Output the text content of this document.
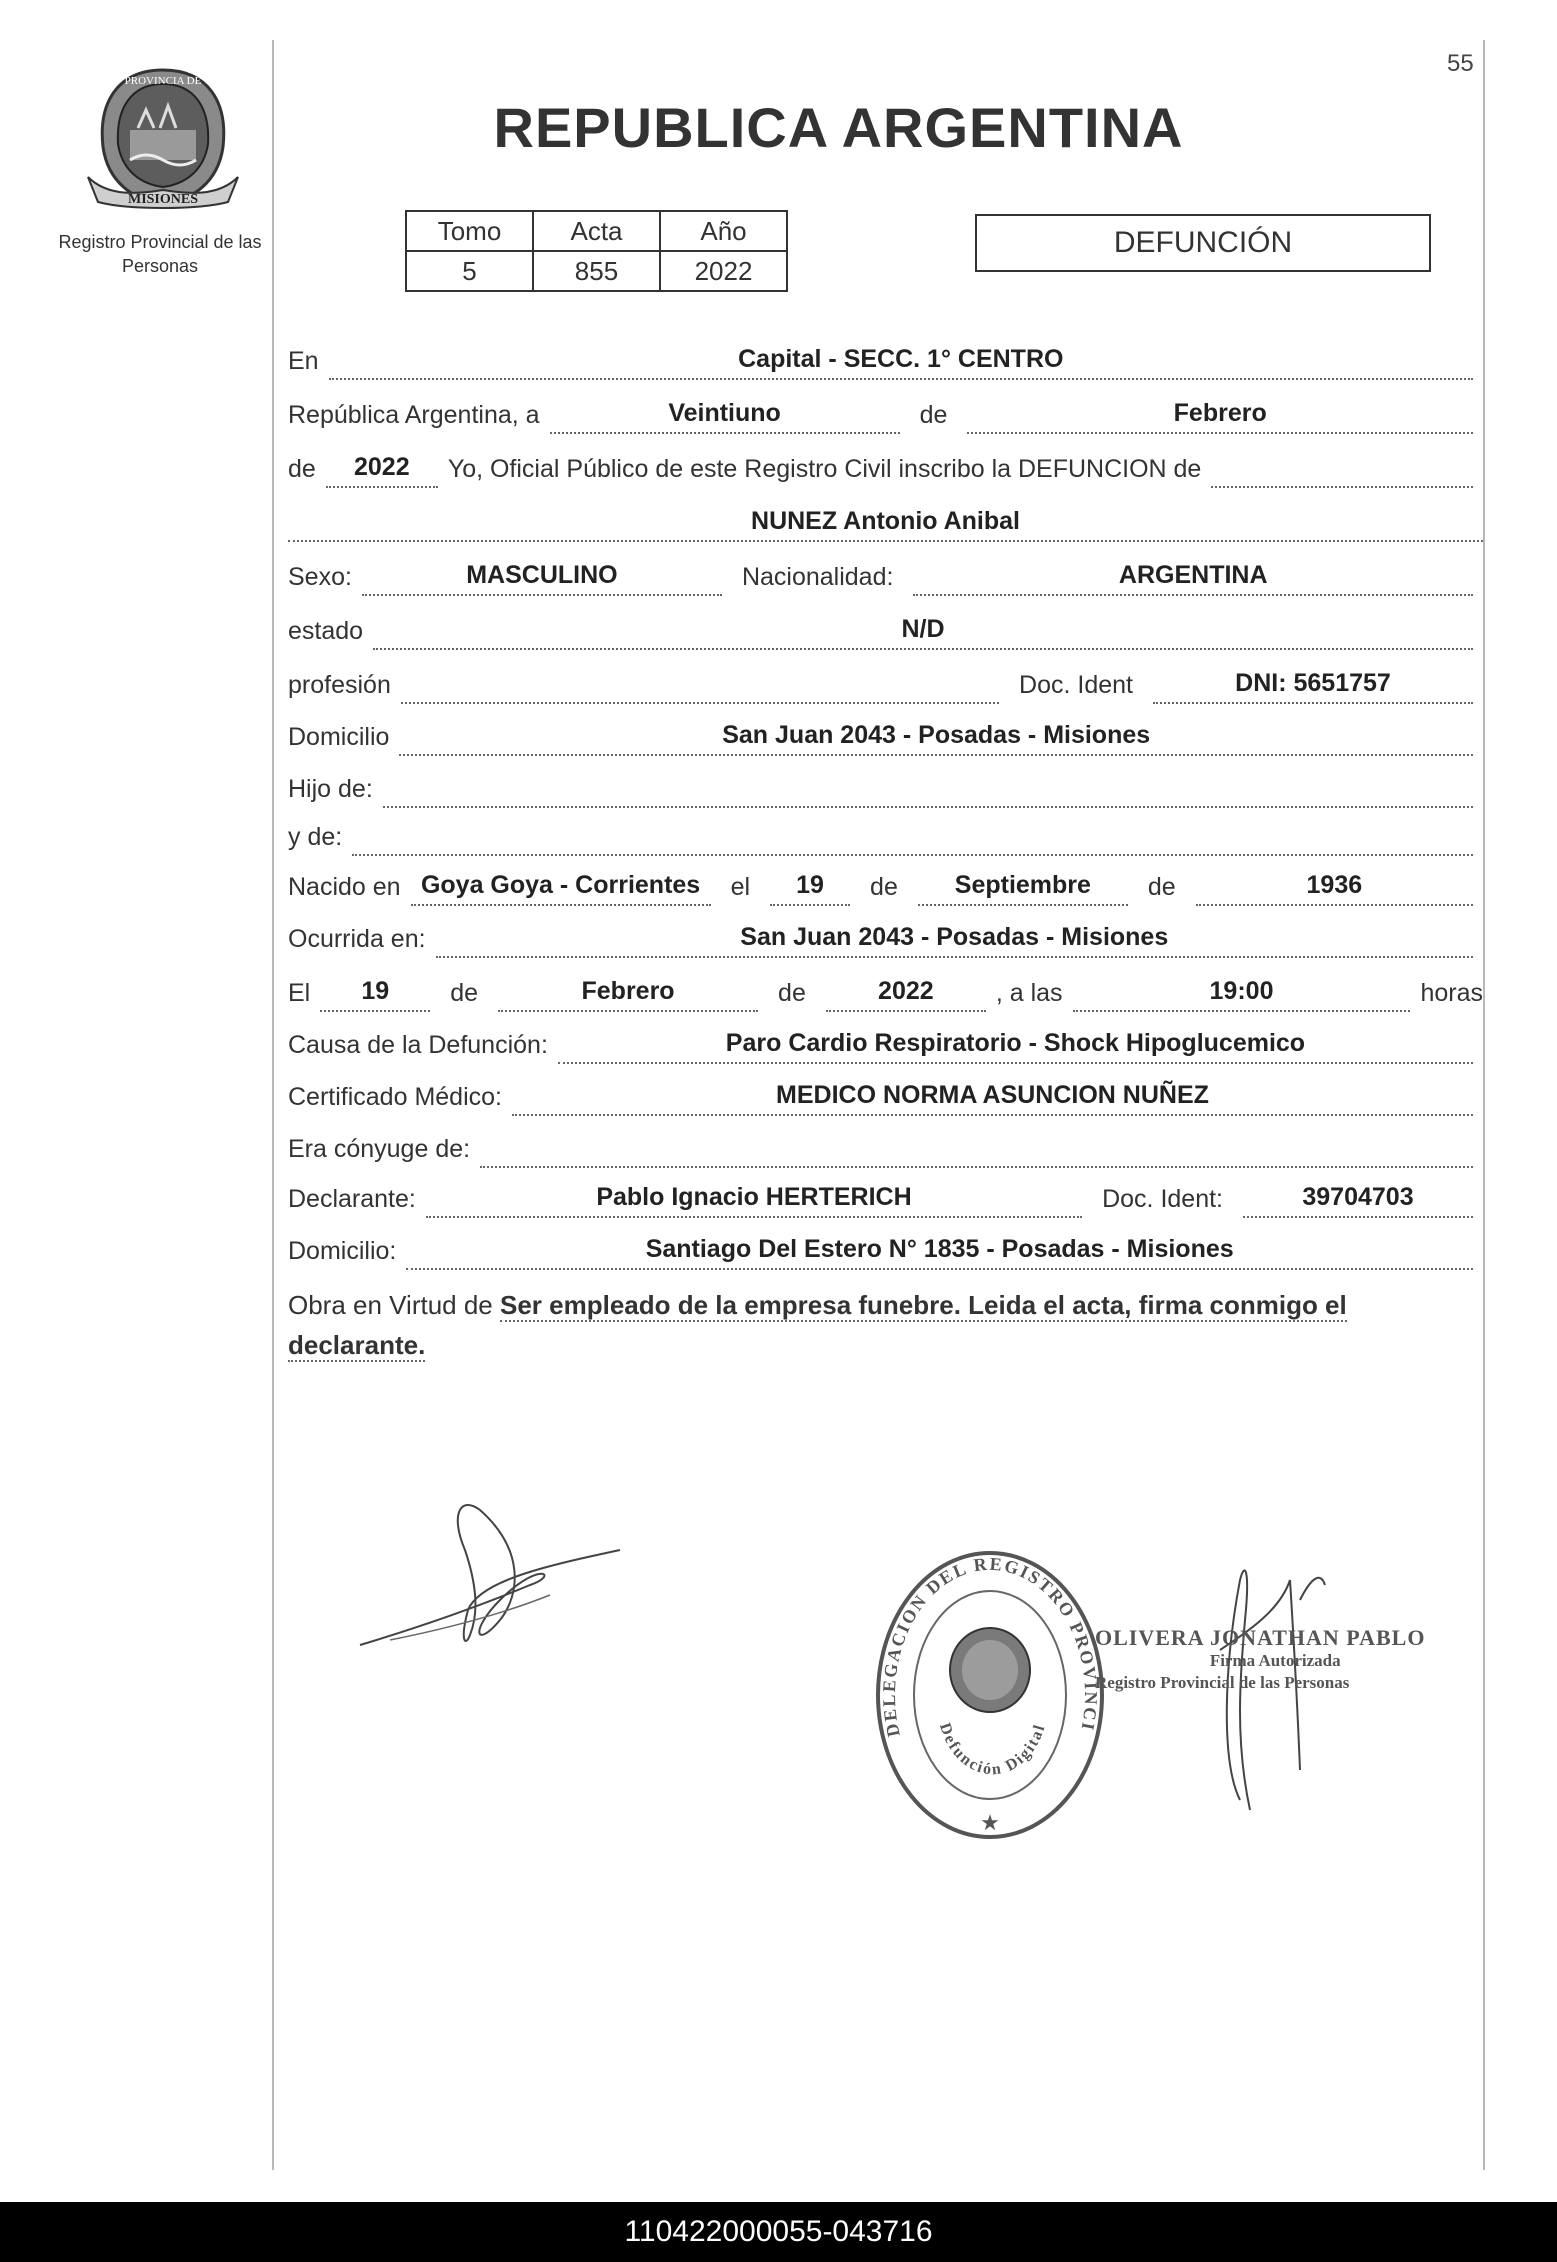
55
PROVINCIA DE
MISIONES
Registro Provincial de las Personas
REPUBLICA ARGENTINA
Tomo	Acta	Año
5	855	2022
DEFUNCIÓN
En	Capital - SECC. 1° CENTRO
República Argentina, a	Veintiuno	de	Febrero
de	2022	Yo, Oficial Público de este Registro Civil inscribo la DEFUNCION de
NUNEZ Antonio Anibal
Sexo:	MASCULINO	Nacionalidad:	ARGENTINA
estado	N/D
profesión	Doc. Ident	DNI: 5651757
Domicilio	San Juan 2043 - Posadas - Misiones
Hijo de:
y de:
Nacido en Goya Goya - Corrientes	el	19	de	Septiembre	de	1936
Ocurrida en:	San Juan 2043 - Posadas - Misiones
El	19	de	Febrero	de	2022	, a las	19:00	horas
Causa de la Defunción:	Paro Cardio Respiratorio - Shock Hipoglucemico
Certificado Médico:	MEDICO NORMA ASUNCION NUÑEZ
Era cónyuge de:
Declarante:	Pablo Ignacio HERTERICH	Doc. Ident:	39704703
Domicilio:	Santiago Del Estero N° 1835 - Posadas - Misiones
Obra en Virtud de Ser empleado de la empresa funebre. Leida el acta, firma conmigo el declarante.
DELEGACION DEL REGISTRO PROVINCI
Defunción Digital
★
OLIVERA JONATHAN PABLO
Firma Autorizada
Registro Provincial de las Personas
110422000055-043716
